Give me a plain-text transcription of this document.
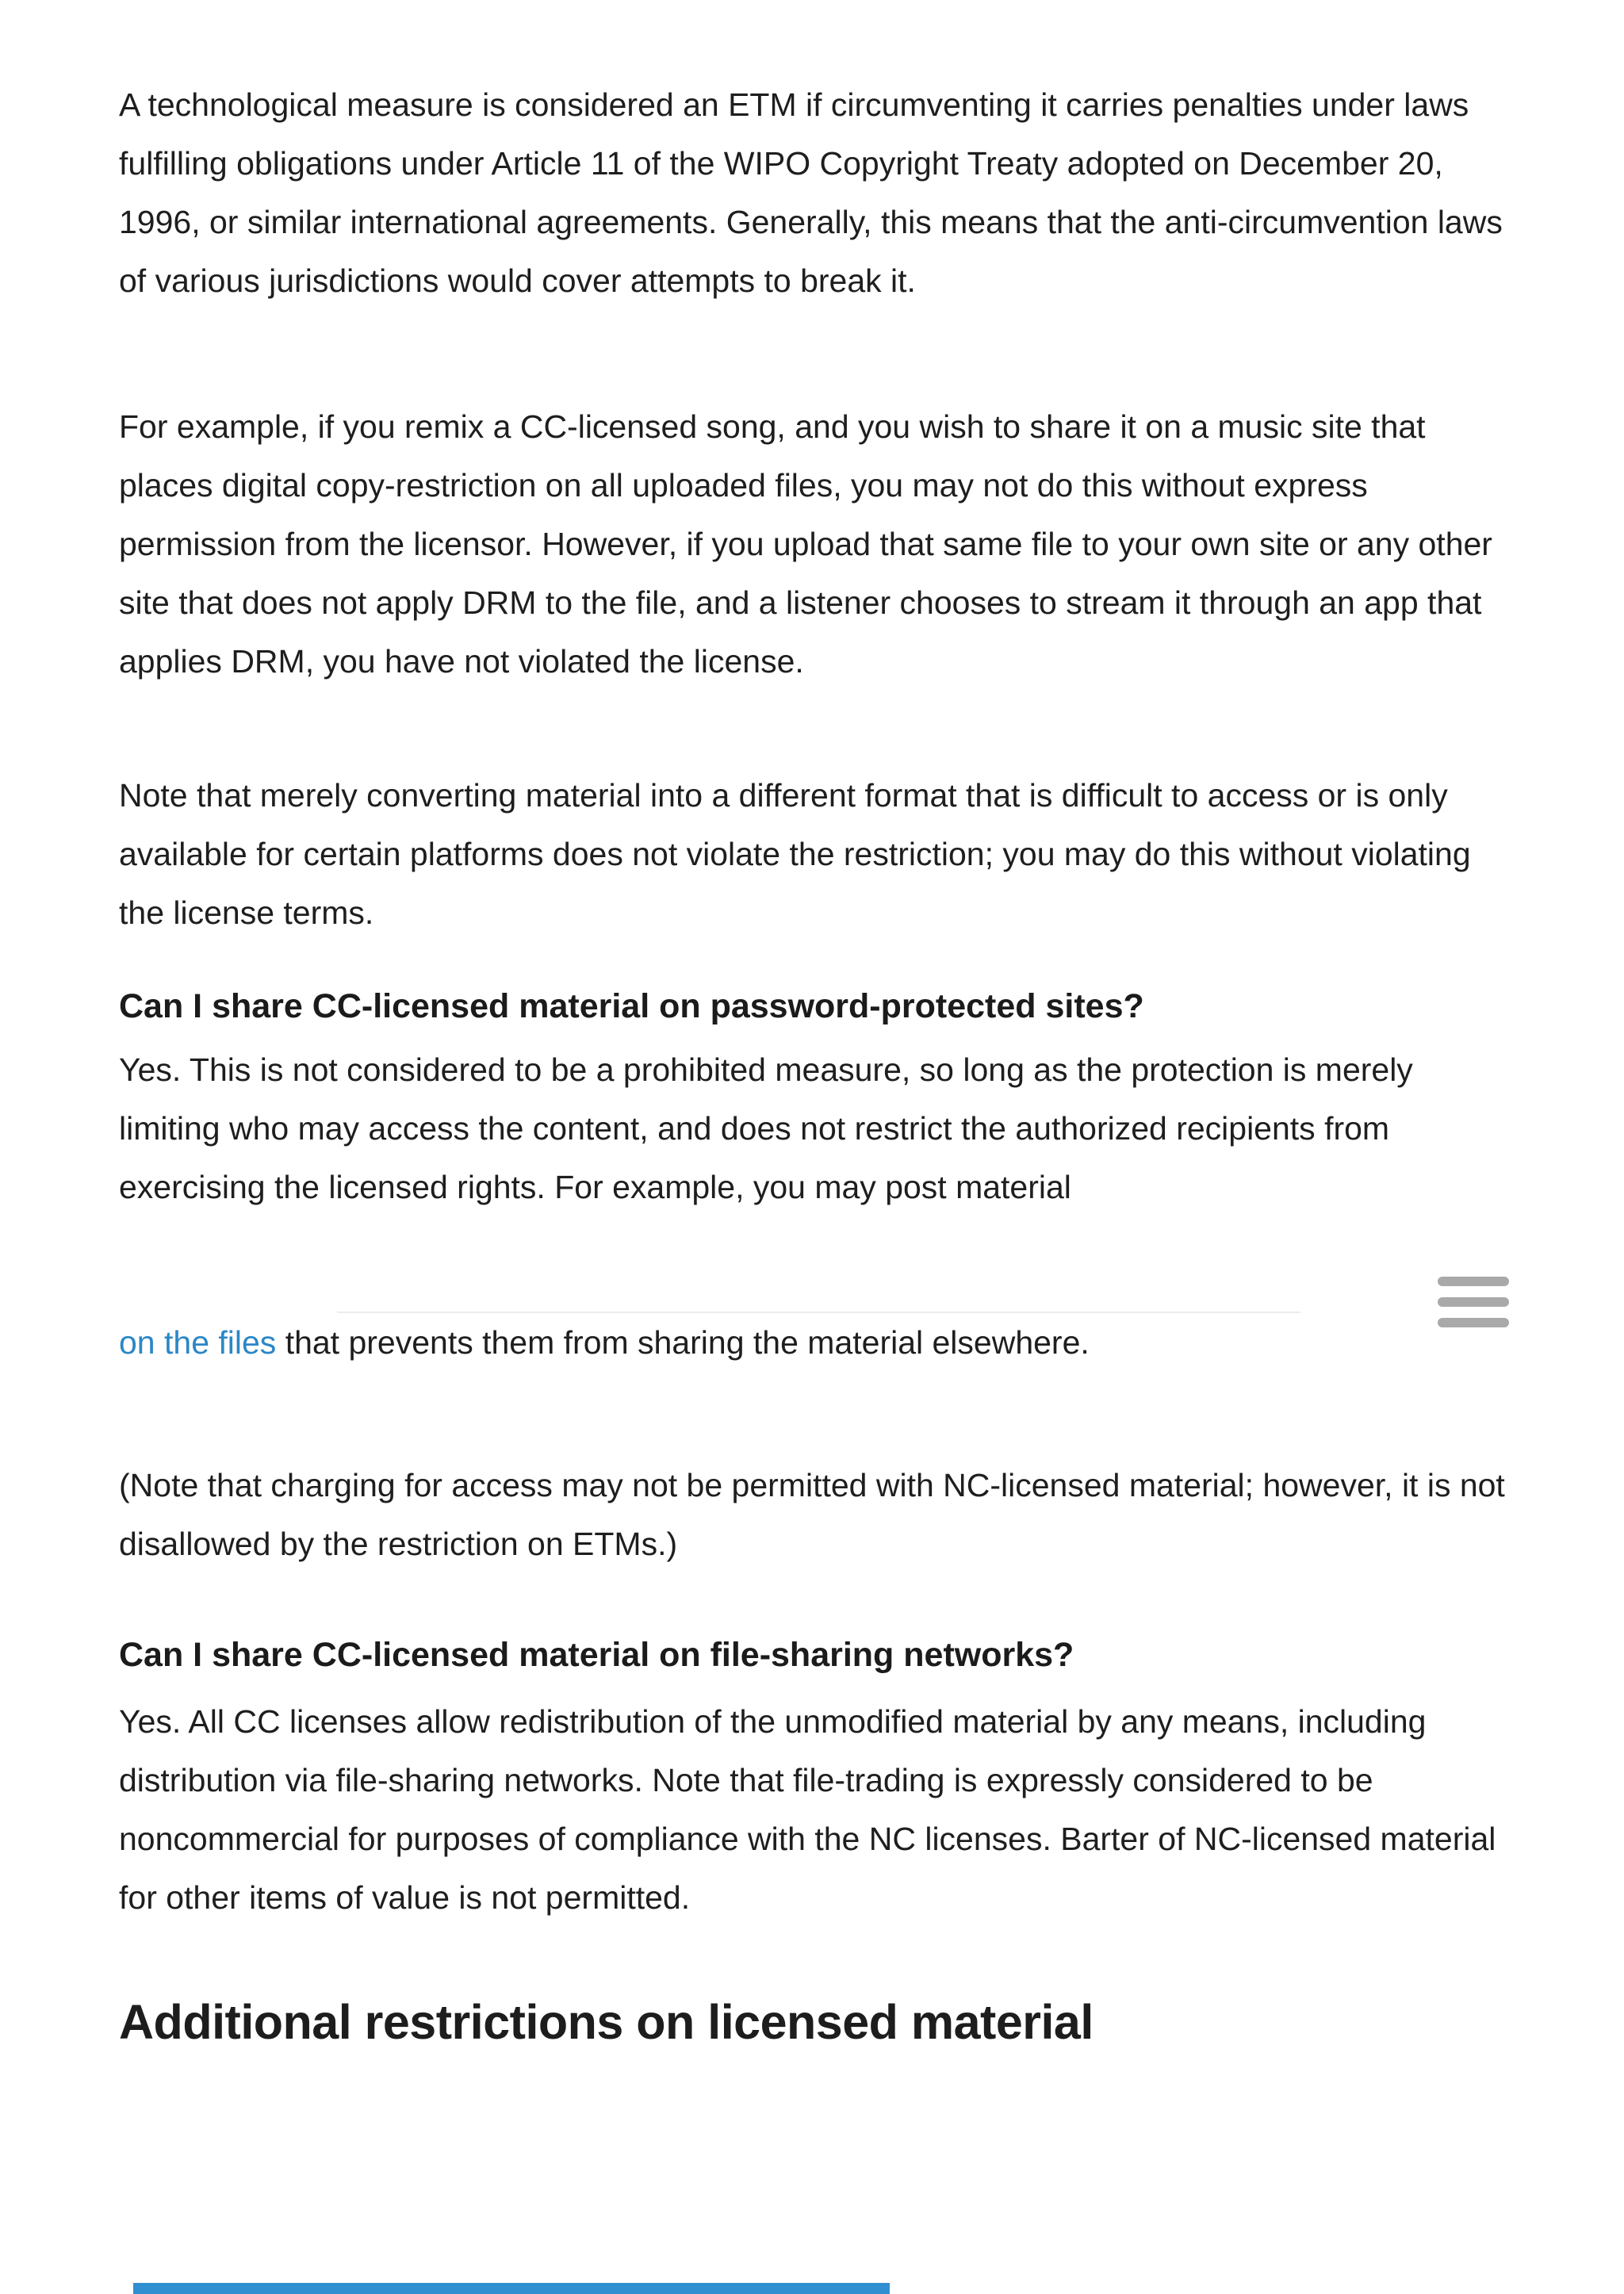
A technological measure is considered an ETM if circumventing it carries penalties under laws fulfilling obligations under Article 11 of the WIPO Copyright Treaty adopted on December 20, 1996, or similar international agreements. Generally, this means that the anti-circumvention laws of various jurisdictions would cover attempts to break it.

For example, if you remix a CC-licensed song, and you wish to share it on a music site that places digital copy-restriction on all uploaded files, you may not do this without express permission from the licensor. However, if you upload that same file to your own site or any other site that does not apply DRM to the file, and a listener chooses to stream it through an app that applies DRM, you have not violated the license.

Note that merely converting material into a different format that is difficult to access or is only available for certain platforms does not violate the restriction; you may do this without violating the license terms.

Can I share CC-licensed material on password-protected sites?

Yes. This is not considered to be a prohibited measure, so long as the protection is merely limiting who may access the content, and does not restrict the authorized recipients from exercising the licensed rights. For example, you may post material

on the files that prevents them from sharing the material elsewhere.

(Note that charging for access may not be permitted with NC-licensed material; however, it is not disallowed by the restriction on ETMs.)

Can I share CC-licensed material on file-sharing networks?

Yes. All CC licenses allow redistribution of the unmodified material by any means, including distribution via file-sharing networks. Note that file-trading is expressly considered to be noncommercial for purposes of compliance with the NC licenses. Barter of NC-licensed material for other items of value is not permitted.

Additional restrictions on licensed material
